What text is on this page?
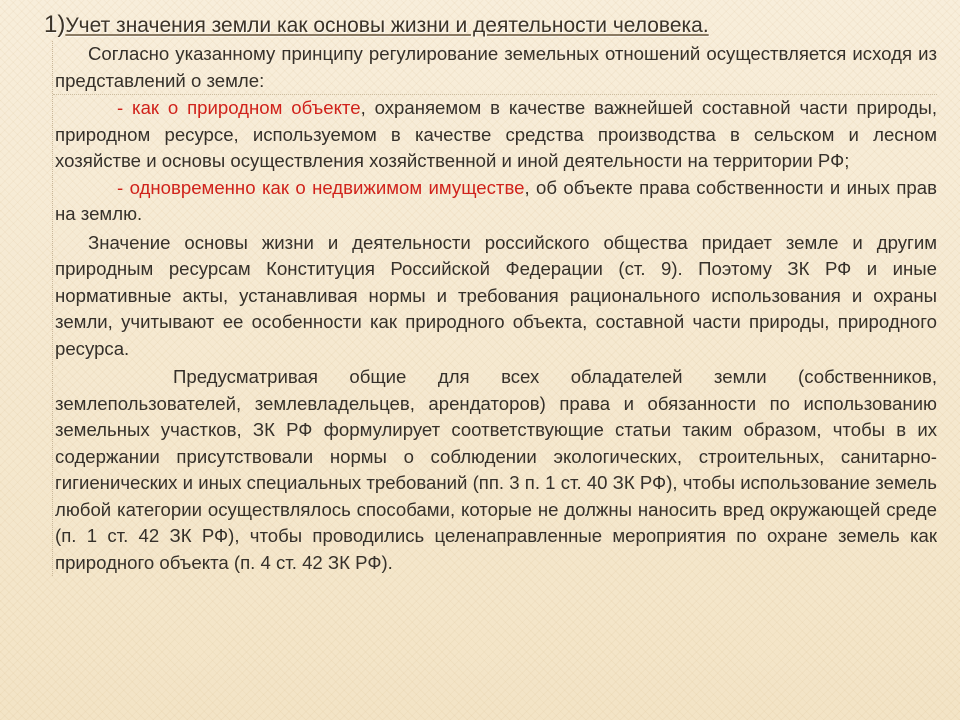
1)Учет значения земли как основы жизни и деятельности человека.

Согласно указанному принципу регулирование земельных отношений осуществляется исходя из представлений о земле:

- как о природном объекте, охраняемом в качестве важнейшей составной части природы, природном ресурсе, используемом в качестве средства производства в сельском и лесном хозяйстве и основы осуществления хозяйственной и иной деятельности на территории РФ;

- одновременно как о недвижимом имуществе, об объекте права собственности и иных прав на землю.

Значение основы жизни и деятельности российского общества придает земле и другим природным ресурсам Конституция Российской Федерации (ст. 9). Поэтому ЗК РФ и иные нормативные акты, устанавливая нормы и требования рационального использования и охраны земли, учитывают ее особенности как природного объекта, составной части природы, природного ресурса.

Предусматривая общие для всех обладателей земли (собственников, землепользователей, землевладельцев, арендаторов) права и обязанности по использованию земельных участков, ЗК РФ формулирует соответствующие статьи таким образом, чтобы в их содержании присутствовали нормы о соблюдении экологических, строительных, санитарно-гигиенических и иных специальных требований (пп. 3 п. 1 ст. 40 ЗК РФ), чтобы использование земель любой категории осуществлялось способами, которые не должны наносить вред окружающей среде (п. 1 ст. 42 ЗК РФ), чтобы проводились целенаправленные мероприятия по охране земель как природного объекта (п. 4 ст. 42 ЗК РФ).
